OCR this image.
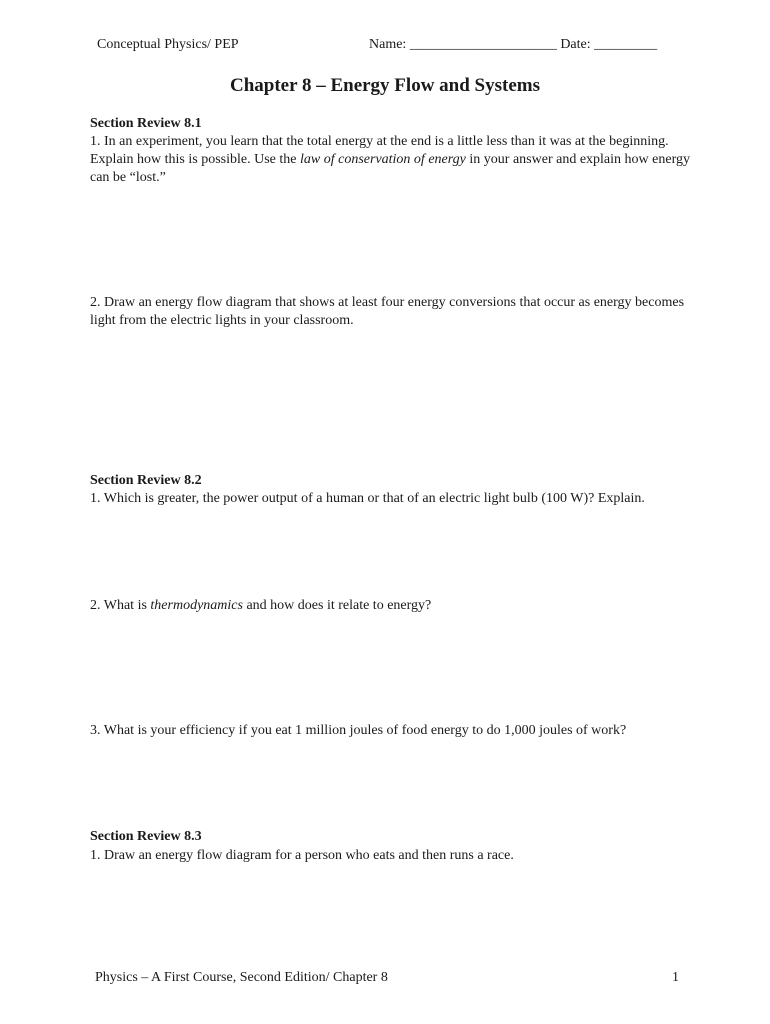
Conceptual Physics/ PEP	Name: _____________________ Date: _________
Chapter 8 – Energy Flow and Systems
Section Review 8.1
1. In an experiment, you learn that the total energy at the end is a little less than it was at the beginning. Explain how this is possible. Use the law of conservation of energy in your answer and explain how energy can be “lost.”
2. Draw an energy flow diagram that shows at least four energy conversions that occur as energy becomes light from the electric lights in your classroom.
Section Review 8.2
1. Which is greater, the power output of a human or that of an electric light bulb (100 W)? Explain.
2. What is thermodynamics and how does it relate to energy?
3. What is your efficiency if you eat 1 million joules of food energy to do 1,000 joules of work?
Section Review 8.3
1. Draw an energy flow diagram for a person who eats and then runs a race.
Physics – A First Course, Second Edition/ Chapter 8	1
